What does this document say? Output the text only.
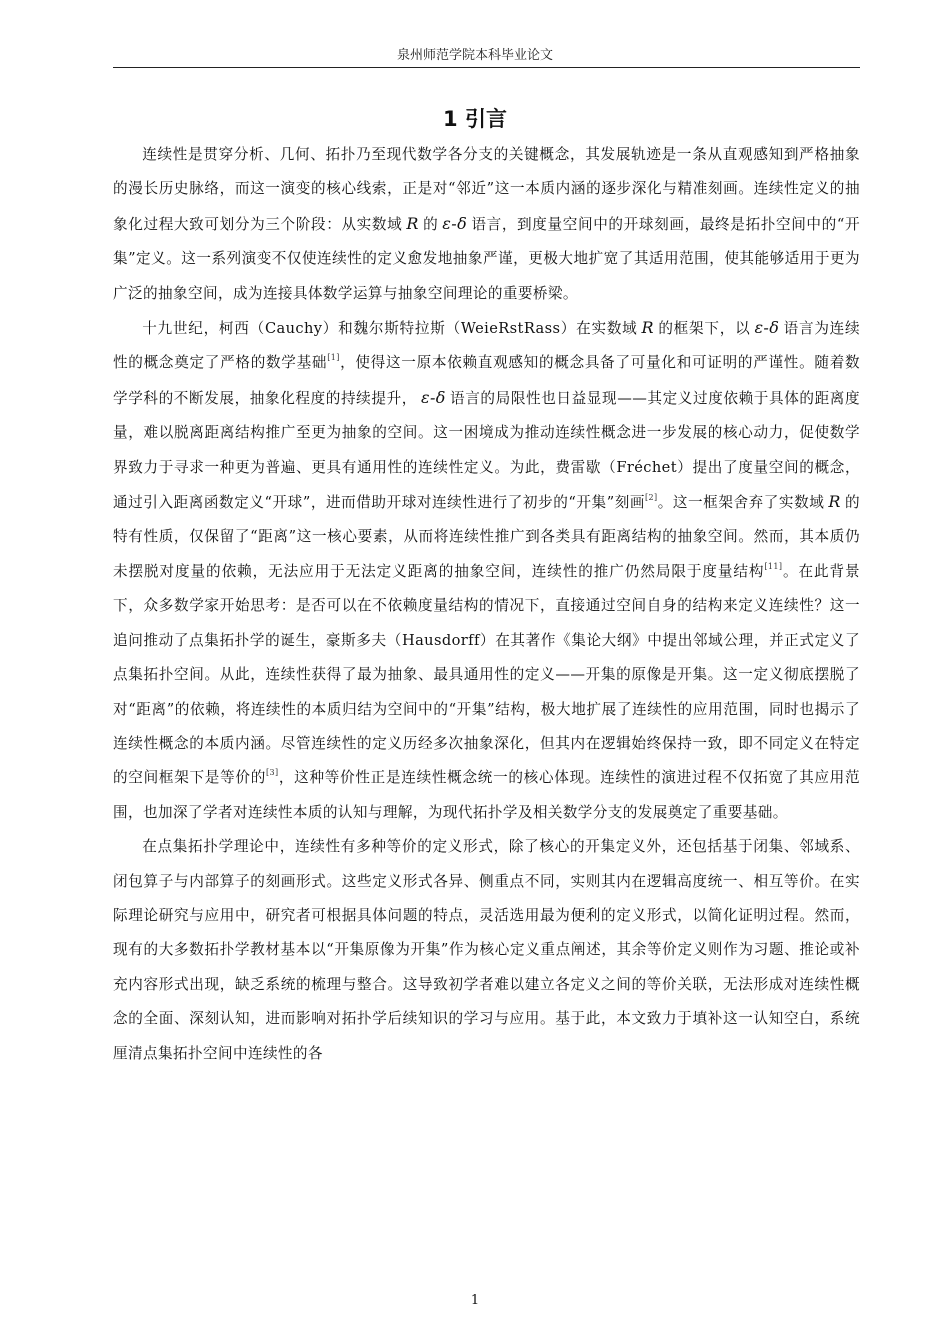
泉州师范学院本科毕业论文
1 引言

连续性是贯穿分析、几何、拓扑乃至现代数学各分支的关键概念，其发展轨迹是一条从直观感知到严格抽象的漫长历史脉络，而这一演变的核心线索，正是对“邻近”这一本质内涵的逐步深化与精准刻画。连续性定义的抽象化过程大致可划分为三个阶段：从实数域 R 的 ε-δ 语言，到度量空间中的开球刻画，最终是拓扑空间中的“开集”定义。这一系列演变不仅使连续性的定义愈发地抽象严谨，更极大地扩宽了其适用范围，使其能够适用于更为广泛的抽象空间，成为连接具体数学运算与抽象空间理论的重要桥梁。

十九世纪，柯西（Cauchy）和魏尔斯特拉斯（WeieRstRass）在实数域 R 的框架下，以 ε-δ 语言为连续性的概念奠定了严格的数学基础[1]，使得这一原本依赖直观感知的概念具备了可量化和可证明的严谨性。随着数学学科的不断发展，抽象化程度的持续提升， ε-δ 语言的局限性也日益显现——其定义过度依赖于具体的距离度量，难以脱离距离结构推广至更为抽象的空间。这一困境成为推动连续性概念进一步发展的核心动力，促使数学界致力于寻求一种更为普遍、更具有通用性的连续性定义。为此，费雷歇（Fréchet）提出了度量空间的概念，通过引入距离函数定义“开球”，进而借助开球对连续性进行了初步的“开集”刻画[2]。这一框架舍弃了实数域 R 的特有性质，仅保留了“距离”这一核心要素，从而将连续性推广到各类具有距离结构的抽象空间。然而，其本质仍未摆脱对度量的依赖，无法应用于无法定义距离的抽象空间，连续性的推广仍然局限于度量结构[11]。在此背景下，众多数学家开始思考：是否可以在不依赖度量结构的情况下，直接通过空间自身的结构来定义连续性？这一追问推动了点集拓扑学的诞生，豪斯多夫（Hausdorff）在其著作《集论大纲》中提出邻域公理，并正式定义了点集拓扑空间。从此，连续性获得了最为抽象、最具通用性的定义——开集的原像是开集。这一定义彻底摆脱了对“距离”的依赖，将连续性的本质归结为空间中的“开集”结构，极大地扩展了连续性的应用范围，同时也揭示了连续性概念的本质内涵。尽管连续性的定义历经多次抽象深化，但其内在逻辑始终保持一致，即不同定义在特定的空间框架下是等价的[3]，这种等价性正是连续性概念统一的核心体现。连续性的演进过程不仅拓宽了其应用范围，也加深了学者对连续性本质的认知与理解，为现代拓扑学及相关数学分支的发展奠定了重要基础。

在点集拓扑学理论中，连续性有多种等价的定义形式，除了核心的开集定义外，还包括基于闭集、邻域系、闭包算子与内部算子的刻画形式。这些定义形式各异、侧重点不同，实则其内在逻辑高度统一、相互等价。在实际理论研究与应用中，研究者可根据具体问题的特点，灵活选用最为便利的定义形式，以简化证明过程。然而，现有的大多数拓扑学教材基本以“开集原像为开集”作为核心定义重点阐述，其余等价定义则作为习题、推论或补充内容形式出现，缺乏系统的梳理与整合。这导致初学者难以建立各定义之间的等价关联，无法形成对连续性概念的全面、深刻认知，进而影响对拓扑学后续知识的学习与应用。基于此，本文致力于填补这一认知空白，系统厘清点集拓扑空间中连续性的各

1
